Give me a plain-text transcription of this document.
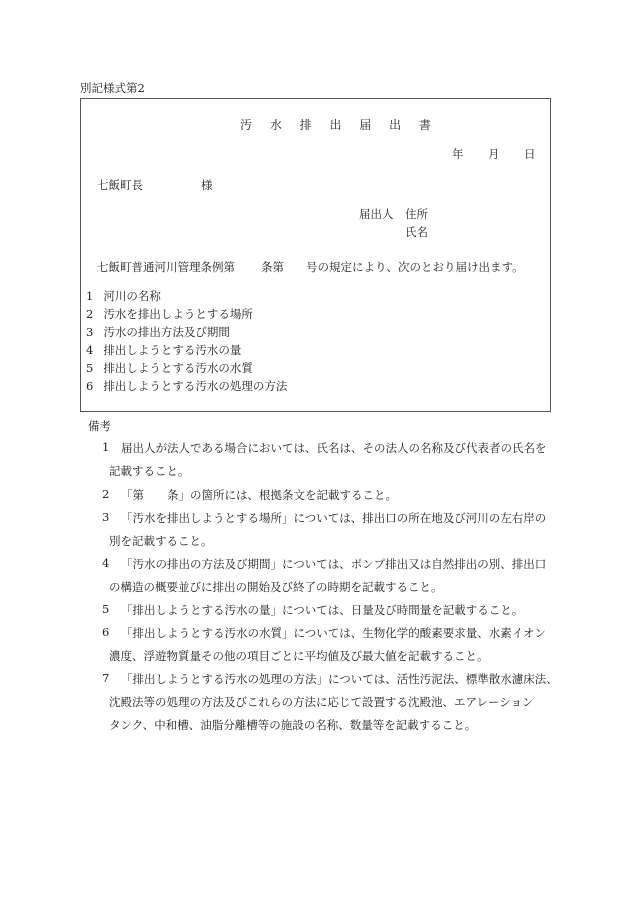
別記様式第2
汚 水 排 出 届 出 書
年 月 日
七飯町長	様
届出人 住所
氏名
七飯町普通河川管理条例第 条第 号の規定により、次のとおり届け出ます。
1 河川の名称
2 汚水を排出しようとする場所
3 汚水の排出方法及び期間
4 排出しようとする汚水の量
5 排出しようとする汚水の水質
6 排出しようとする汚水の処理の方法
備考
1 届出人が法人である場合においては、氏名は、その法人の名称及び代表者の氏名を
記載すること。
2 「第　　条」の箇所には、根拠条文を記載すること。
3 「汚水を排出しようとする場所」については、排出口の所在地及び河川の左右岸の
別を記載すること。
4 「汚水の排出の方法及び期間」については、ポンプ排出又は自然排出の別、排出口
の構造の概要並びに排出の開始及び終了の時期を記載すること。
5 「排出しようとする汚水の量」については、日量及び時間量を記載すること。
6 「排出しようとする汚水の水質」については、生物化学的酸素要求量、水素イオン
濃度、浮遊物質量その他の項目ごとに平均値及び最大値を記載すること。
7 「排出しようとする汚水の処理の方法」については、活性汚泥法、標準散水濾床法、
沈殿法等の処理の方法及びこれらの方法に応じて設置する沈殿池、エアレーション
タンク、中和槽、油脂分離槽等の施設の名称、数量等を記載すること。
